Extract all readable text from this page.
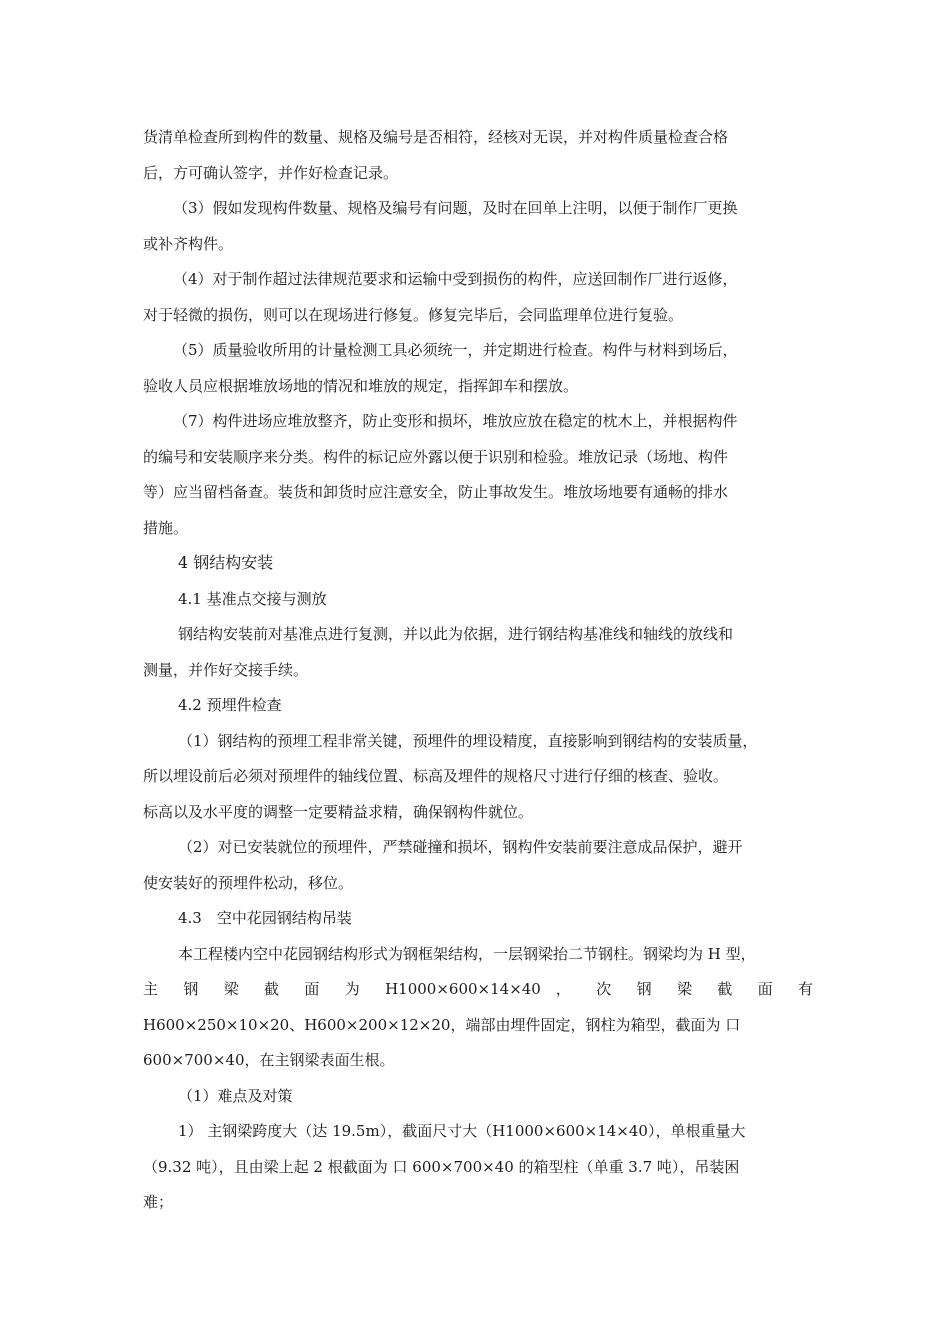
货清单检查所到构件的数量、规格及编号是否相符，经核对无误，并对构件质量检查合格
后，方可确认签字，并作好检查记录。
（3）假如发现构件数量、规格及编号有问题，及时在回单上注明，以便于制作厂更换
或补齐构件。
（4）对于制作超过法律规范要求和运输中受到损伤的构件，应送回制作厂进行返修，
对于轻微的损伤，则可以在现场进行修复。修复完毕后，会同监理单位进行复验。
（5）质量验收所用的计量检测工具必须统一，并定期进行检查。构件与材料到场后，
验收人员应根据堆放场地的情况和堆放的规定，指挥卸车和摆放。
（7）构件进场应堆放整齐，防止变形和损坏，堆放应放在稳定的枕木上，并根据构件
的编号和安装顺序来分类。构件的标记应外露以便于识别和检验。堆放记录（场地、构件
等）应当留档备查。装货和卸货时应注意安全，防止事故发生。堆放场地要有通畅的排水
措施。
4 钢结构安装
4.1 基准点交接与测放
钢结构安装前对基准点进行复测，并以此为依据，进行钢结构基准线和轴线的放线和
测量，并作好交接手续。
4.2 预埋件检查
（1）钢结构的预埋工程非常关键，预埋件的埋设精度，直接影响到钢结构的安装质量，
所以埋设前后必须对预埋件的轴线位置、标高及埋件的规格尺寸进行仔细的核查、验收。
标高以及水平度的调整一定要精益求精，确保钢构件就位。
（2）对已安装就位的预埋件，严禁碰撞和损坏，钢构件安装前要注意成品保护，避开
使安装好的预埋件松动，移位。
4.3　空中花园钢结构吊装
本工程楼内空中花园钢结构形式为钢框架结构，一层钢梁抬二节钢柱。钢梁均为 H 型，
主 钢 梁 截 面 为 H1000×600×14×40 ， 次 钢 梁 截 面 有
H600×250×10×20、H600×200×12×20，端部由埋件固定，钢柱为箱型，截面为 口
600×700×40，在主钢梁表面生根。
（1）难点及对策
1） 主钢梁跨度大（达 19.5m），截面尺寸大（H1000×600×14×40），单根重量大
（9.32 吨），且由梁上起 2 根截面为 口 600×700×40 的箱型柱（单重 3.7 吨），吊装困
难；
